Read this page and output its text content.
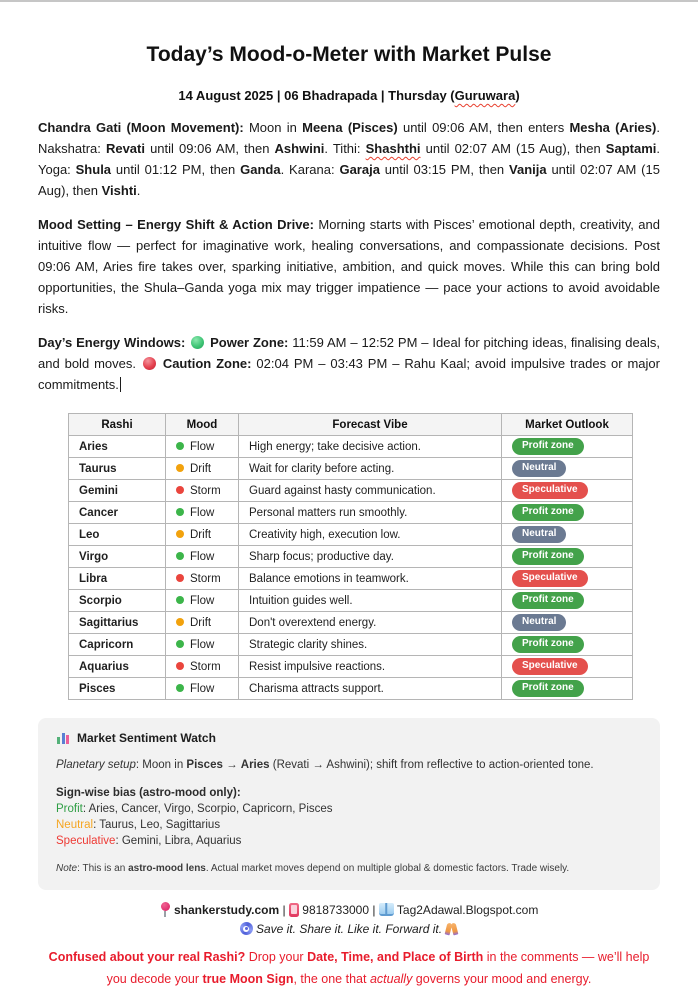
Today’s Mood-o-Meter with Market Pulse

14 August 2025 | 06 Bhadrapada | Thursday (Guruwara)

Chandra Gati (Moon Movement): Moon in Meena (Pisces) until 09:06 AM, then enters Mesha (Aries). Nakshatra: Revati until 09:06 AM, then Ashwini. Tithi: Shashthi until 02:07 AM (15 Aug), then Saptami. Yoga: Shula until 01:12 PM, then Ganda. Karana: Garaja until 03:15 PM, then Vanija until 02:07 AM (15 Aug), then Vishti.

Mood Setting – Energy Shift & Action Drive: Morning starts with Pisces’ emotional depth, creativity, and intuitive flow — perfect for imaginative work, healing conversations, and compassionate decisions. Post 09:06 AM, Aries fire takes over, sparking initiative, ambition, and quick moves. While this can bring bold opportunities, the Shula–Ganda yoga mix may trigger impatience — pace your actions to avoid avoidable risks.

Day’s Energy Windows:  Power Zone: 11:59 AM – 12:52 PM – Ideal for pitching ideas, finalising deals, and bold moves.  Caution Zone: 02:04 PM – 03:43 PM – Rahu Kaal; avoid impulsive trades or major commitments.

Rashi	Mood	Forecast Vibe	Market Outlook
Aries	Flow	High energy; take decisive action.	Profit zone
Taurus	Drift	Wait for clarity before acting.	Neutral
Gemini	Storm	Guard against hasty communication.	Speculative
Cancer	Flow	Personal matters run smoothly.	Profit zone
Leo	Drift	Creativity high, execution low.	Neutral
Virgo	Flow	Sharp focus; productive day.	Profit zone
Libra	Storm	Balance emotions in teamwork.	Speculative
Scorpio	Flow	Intuition guides well.	Profit zone
Sagittarius	Drift	Don't overextend energy.	Neutral
Capricorn	Flow	Strategic clarity shines.	Profit zone
Aquarius	Storm	Resist impulsive reactions.	Speculative
Pisces	Flow	Charisma attracts support.	Profit zone

Market Sentiment Watch

Planetary setup: Moon in Pisces → Aries (Revati → Ashwini); shift from reflective to action-oriented tone.

Sign-wise bias (astro-mood only):

Profit: Aries, Cancer, Virgo, Scorpio, Capricorn, Pisces

Neutral: Taurus, Leo, Sagittarius

Speculative: Gemini, Libra, Aquarius

Note: This is an astro-mood lens. Actual market moves depend on multiple global & domestic factors. Trade wisely.

shankerstudy.com |  9818733000 |  Tag2Adawal.Blogspot.com

Save it. Share it. Like it. Forward it.

Confused about your real Rashi? Drop your Date, Time, and Place of Birth in the comments — we’ll help you decode your true Moon Sign, the one that actually governs your mood and energy.
